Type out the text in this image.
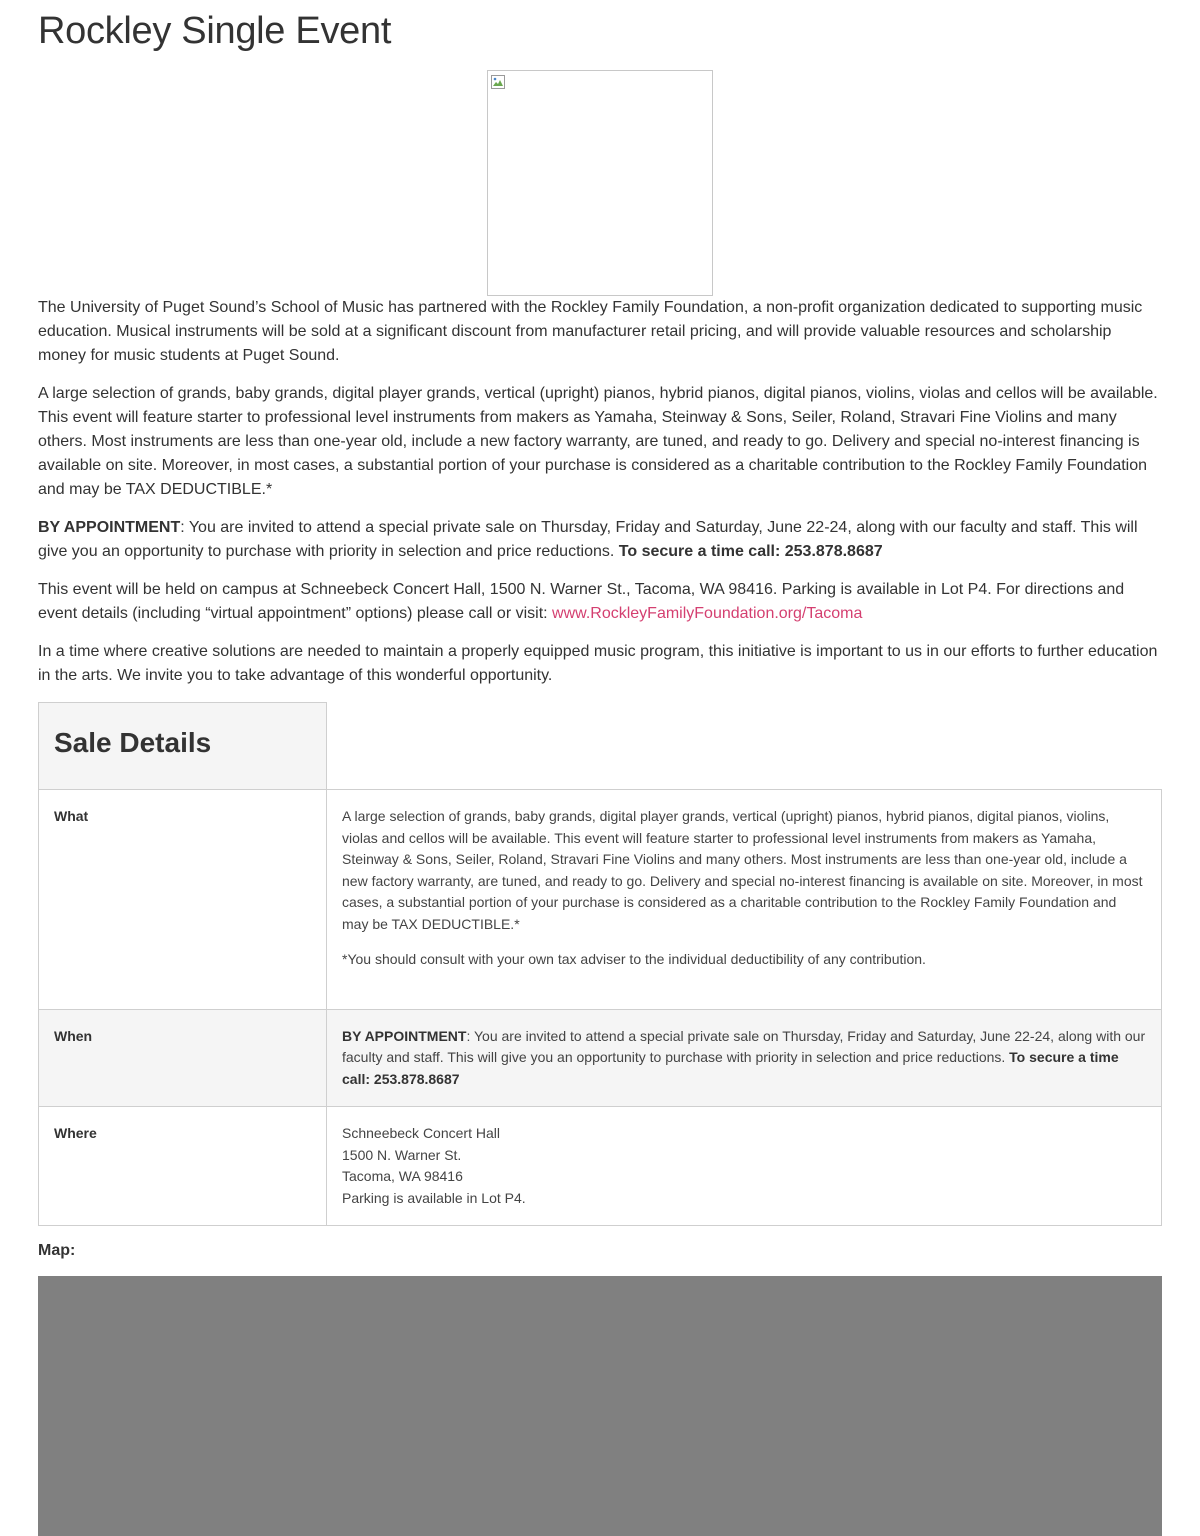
Rockley Single Event

The University of Puget Sound’s School of Music has partnered with the Rockley Family Foundation, a non-profit organization dedicated to supporting music education. Musical instruments will be sold at a significant discount from manufacturer retail pricing, and will provide valuable resources and scholarship money for music students at Puget Sound.

A large selection of grands, baby grands, digital player grands, vertical (upright) pianos, hybrid pianos, digital pianos, violins, violas and cellos will be available. This event will feature starter to professional level instruments from makers as Yamaha, Steinway & Sons, Seiler, Roland, Stravari Fine Violins and many others. Most instruments are less than one-year old, include a new factory warranty, are tuned, and ready to go. Delivery and special no-interest financing is available on site. Moreover, in most cases, a substantial portion of your purchase is considered as a charitable contribution to the Rockley Family Foundation and may be TAX DEDUCTIBLE.*

BY APPOINTMENT: You are invited to attend a special private sale on Thursday, Friday and Saturday, June 22-24, along with our faculty and staff. This will give you an opportunity to purchase with priority in selection and price reductions. To secure a time call: 253.878.8687

This event will be held on campus at Schneebeck Concert Hall, 1500 N. Warner St., Tacoma, WA 98416. Parking is available in Lot P4. For directions and event details (including “virtual appointment” options) please call or visit: www.RockleyFamilyFoundation.org/Tacoma

In a time where creative solutions are needed to maintain a properly equipped music program, this initiative is important to us in our efforts to further education in the arts. We invite you to take advantage of this wonderful opportunity.

Sale Details	
What	A large selection of grands, baby grands, digital player grands, vertical (upright) pianos, hybrid pianos, digital pianos, violins, violas and cellos will be available. This event will feature starter to professional level instruments from makers as Yamaha, Steinway & Sons, Seiler, Roland, Stravari Fine Violins and many others. Most instruments are less than one-year old, include a new factory warranty, are tuned, and ready to go. Delivery and special no-interest financing is available on site. Moreover, in most cases, a substantial portion of your purchase is considered as a charitable contribution to the Rockley Family Foundation and may be TAX DEDUCTIBLE.*

*You should consult with your own tax adviser to the individual deductibility of any contribution.

When	BY APPOINTMENT: You are invited to attend a special private sale on Thursday, Friday and Saturday, June 22-24, along with our faculty and staff. This will give you an opportunity to purchase with priority in selection and price reductions. To secure a time call: 253.878.8687
Where	Schneebeck Concert Hall
1500 N. Warner St.
Tacoma, WA 98416
Parking is available in Lot P4.
Map:
